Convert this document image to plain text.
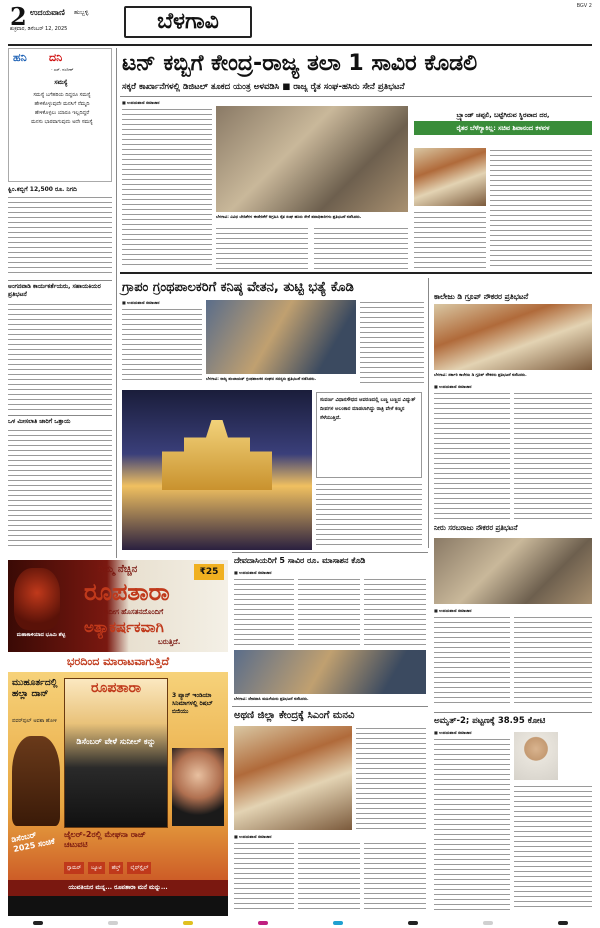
2 ಉದಯವಾಣಿ ಹುಬ್ಬಳ್ಳಿ
ಶುಕ್ರವಾರ, ಡಿಸೆಂಬರ್ 12, 2025	ಬೆಳಗಾವಿ
BGV 2
ಹನಿ ದನಿ
- ಎಸ್. ನಂದೀಶ್‌
ಸಮಸ್ಯೆ
ಸಮಸ್ಯೆ ಬಗೆಹರಿಯ ದಿದ್ದರೂ ಸಮಸ್ಯೆ ಹೇಳಿಕೊಳ್ಳುವುದೇ ಮನಸಿಗೆ ನೆಮ್ಮದಿ ಹೇಳಿಕೊಳ್ಳಲು ಯಾರೂ ಇಲ್ಲದಿದ್ದರೆ ಮನಸು ಭಾರವಾಗುವುದು ಅದೇ ಸಮಸ್ಯೆ
ಕ್ವಿಂ.ಕಬ್ಬಿಗೆ 12,500 ರೂ. ನಿಗದಿ
ಅಂಗನವಾಡಿ ಕಾರ್ಯಕರ್ತೆಯರು, ಸಹಾಯಕಿಯರ ಪ್ರತಿಭಟನೆ
ಒಳ ಮೀಸಲಾತಿ ಜಾರಿಗೆ ಒತ್ತಾಯ
ಟನ್ ಕಬ್ಬಿಗೆ ಕೇಂದ್ರ-ರಾಜ್ಯ ತಲಾ 1 ಸಾವಿರ ಕೊಡಲಿ
ಸಕ್ಕರೆ ಕಾರ್ಖಾನೆಗಳಲ್ಲಿ ಡಿಜಿಟಲ್ ತೂಕದ ಯಂತ್ರ ಅಳವಡಿಸಿ ■ ರಾಜ್ಯ ರೈತ ಸಂಘ-ಹಸಿರು ಸೇನೆ ಪ್ರತಿಭಟನೆ
■ ಉದಯವಾಣಿ ಸಮಾಚಾರ
ಬೆಳಗಾವಿ: ವಿವಿಧ ಬೇಡಿಕೆಗಳ ಈಡೇರಿಕೆಗೆ ಆಗ್ರಹಿಸಿ ರೈತ ಸಂಘ ಹಸಿರು ಸೇನೆ ಪದಾಧಿಕಾರಿಗಳು ಪ್ರತಿಭಟನೆ ನಡೆಸಿದರು.
ಬ್ರ್ಯಾಂಡ್ ಚಪ್ಪಲಿ, ಬಟ್ಟೆಗಿರುವ ಸ್ಥಿರವಾದ ದರ,
ರೈತರ ಬೆಳೆಗ್ಯಾಕಿಲ್ಲ: ಸಚಿವ ಶಿವಾನಂದ ಕಳವಳ
ಗ್ರಾಪಂ ಗ್ರಂಥಪಾಲಕರಿಗೆ ಕನಿಷ್ಠ ವೇತನ, ತುಟ್ಟಿ ಭತ್ಯೆ ಕೊಡಿ
■ ಉದಯವಾಣಿ ಸಮಾಚಾರ
ಬೆಳಗಾವಿ: ರಾಜ್ಯ ಪಂಚಾಯತ್ ಗ್ರಂಥಪಾಲಕರ ಸಂಘದ ಸದಸ್ಯರು ಪ್ರತಿಭಟನೆ ನಡೆಸಿದರು.
ಕಾಲೇಜು ಡಿ ಗ್ರೂಪ್ ನೌಕರರ ಪ್ರತಿಭಟನೆ
ಬೆಳಗಾವಿ: ಸರ್ಕಾರಿ ಕಾಲೇಜು ಡಿ ಗ್ರೂಪ್ ನೌಕರರು ಪ್ರತಿಭಟನೆ ನಡೆಸಿದರು.
■ ಉದಯವಾಣಿ ಸಮಾಚಾರ
ಸುವರ್ಣ ವಿಧಾನಸೌಧದ ಆವರಣದಲ್ಲಿ ಬಣ್ಣ ಬಣ್ಣದ ವಿದ್ಯುತ್ ದೀಪಗಳ ಅಲಂಕಾರ ಮಾಡಲಾಗಿದ್ದು ರಾತ್ರಿ ವೇಳೆ ಕಣ್ಮನ ಸೆಳೆಯುತ್ತಿದೆ.
ನೀರು ಸರಬರಾಜು ನೌಕರರ ಪ್ರತಿಭಟನೆ
■ ಉದಯವಾಣಿ ಸಮಾಚಾರ
ದೇವದಾಸಿಯರಿಗೆ 5 ಸಾವಿರ ರೂ. ಮಾಸಾಶನ ಕೊಡಿ
■ ಉದಯವಾಣಿ ಸಮಾಚಾರ
ಬೆಳಗಾವಿ: ದೇವದಾಸಿ ಮಹಿಳೆಯರು ಪ್ರತಿಭಟನೆ ನಡೆಸಿದರು.
ಅಥಣಿ ಜಿಲ್ಲಾ ಕೇಂದ್ರಕ್ಕೆ ಸಿಎಂಗೆ ಮನವಿ
■ ಉದಯವಾಣಿ ಸಮಾಚಾರ
ಅಮೃತ್-2; ಪಟ್ಟಣಕ್ಕೆ 38.95 ಕೋಟಿ
■ ಉದಯವಾಣಿ ಸಮಾಚಾರ
ನಿಮ್ಮ ನೆಚ್ಚಿನ	₹25
ರೂಪತಾರಾ
ಇದೀಗ ಹೊಸತನದೊಂದಿಗೆ
ಅತ್ಯಾಕರ್ಷಕವಾಗಿ
ಬರುತ್ತಿದೆ.
ಮಹಾಕಾಳಿಯಾದ ಭೂಮಿ ಶೆಟ್ಟಿ
ಭರದಿಂದ ಮಾರಾಟವಾಗುತ್ತಿದೆ
ಮುಹೂರ್ತದಲ್ಲಿ ಹಲ್ಲಾ ದಾನ್
ಪವರ್‌ಫುಲ್ ಅವಶಾ ಹೋಳಿ
ರೂಪತಾರಾ
ಡಿಸೆಂಬರ್‌ ವೇಳೆ ಸುನೀಲ್ ಕನ್ನು
3 ಪ್ಯಾನ್ ಇಂಡಿಯಾ ಸಿನಿಮಾಗಳಲ್ಲಿ ರಿಷಬ್‌ ಬಿಜಿಯು
ಜೈಲರ್-2ರಲ್ಲಿ ಮೇಘನಾ ರಾಜ್ ಚಟುವಟಿ
ಡಿಸೆಂಬರ್ 2025 ಸಂಚಿಕೆ
ಗ್ಲಾಮರ್	ಬ್ಯೂಟಿ	ಹೆಲ್ತ್	ಲೈಫ್‌ಸ್ಟೈಲ್
ಯುವತಿಯರ ಮನ್ನ... ರೂಪತಾರಾ ಮನೆ ಮನ್ನು...
